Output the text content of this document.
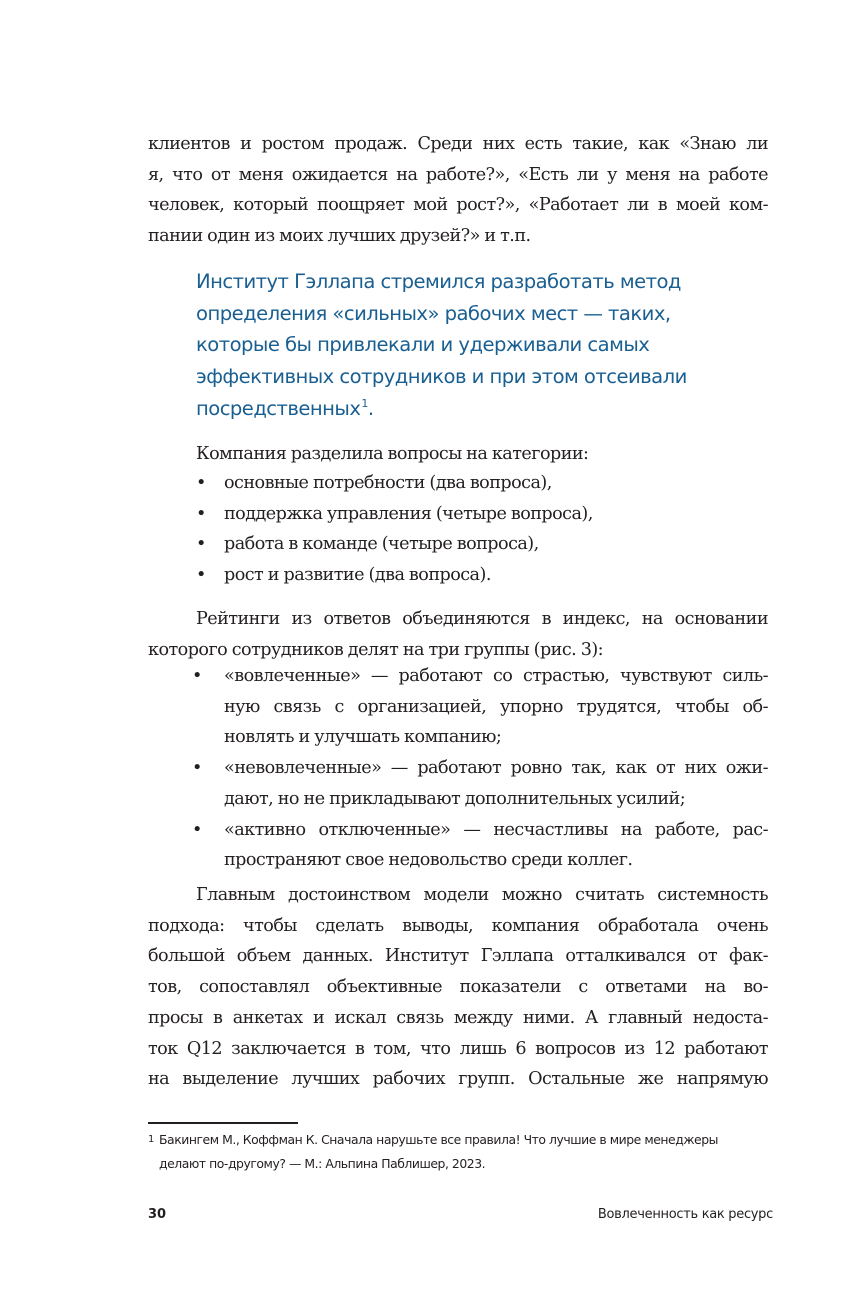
клиентов и ростом продаж. Среди них есть такие, как «Знаю ли
я, что от меня ожидается на работе?», «Есть ли у меня на работе
человек, который поощряет мой рост?», «Работает ли в моей ком-
пании один из моих лучших друзей?» и т.п.
Институт Гэллапа стремился разработать метод
определения «сильных» рабочих мест — таких,
которые бы привлекали и удерживали самых
эффективных сотрудников и при этом отсеивали
посредственных$^1$.
Компания разделила вопросы на категории:
• основные потребности (два вопроса),
• поддержка управления (четыре вопроса),
• работа в команде (четыре вопроса),
• рост и развитие (два вопроса).
Рейтинги из ответов объединяются в индекс, на основании
которого сотрудников делят на три группы (рис. 3):
• «вовлеченные» — работают со страстью, чувствуют силь-
ную связь с организацией, упорно трудятся, чтобы об-
новлять и улучшать компанию;
• «невовлеченные» — работают ровно так, как от них ожи-
дают, но не прикладывают дополнительных усилий;
• «активно отключенные» — несчастливы на работе, рас-
пространяют свое недовольство среди коллег.
Главным достоинством модели можно считать системность
подхода: чтобы сделать выводы, компания обработала очень
большой объем данных. Институт Гэллапа отталкивался от фак-
тов, сопоставлял объективные показатели с ответами на во-
просы в анкетах и искал связь между ними. А главный недоста-
ток Q12 заключается в том, что лишь 6 вопросов из 12 работают
на выделение лучших рабочих групп. Остальные же напрямую
1 Бакингем М., Коффман К. Сначала нарушьте все правила! Что лучшие в мире менеджеры
делают по-другому? — М.: Альпина Паблишер, 2023.
30	Вовлеченность как ресурс
